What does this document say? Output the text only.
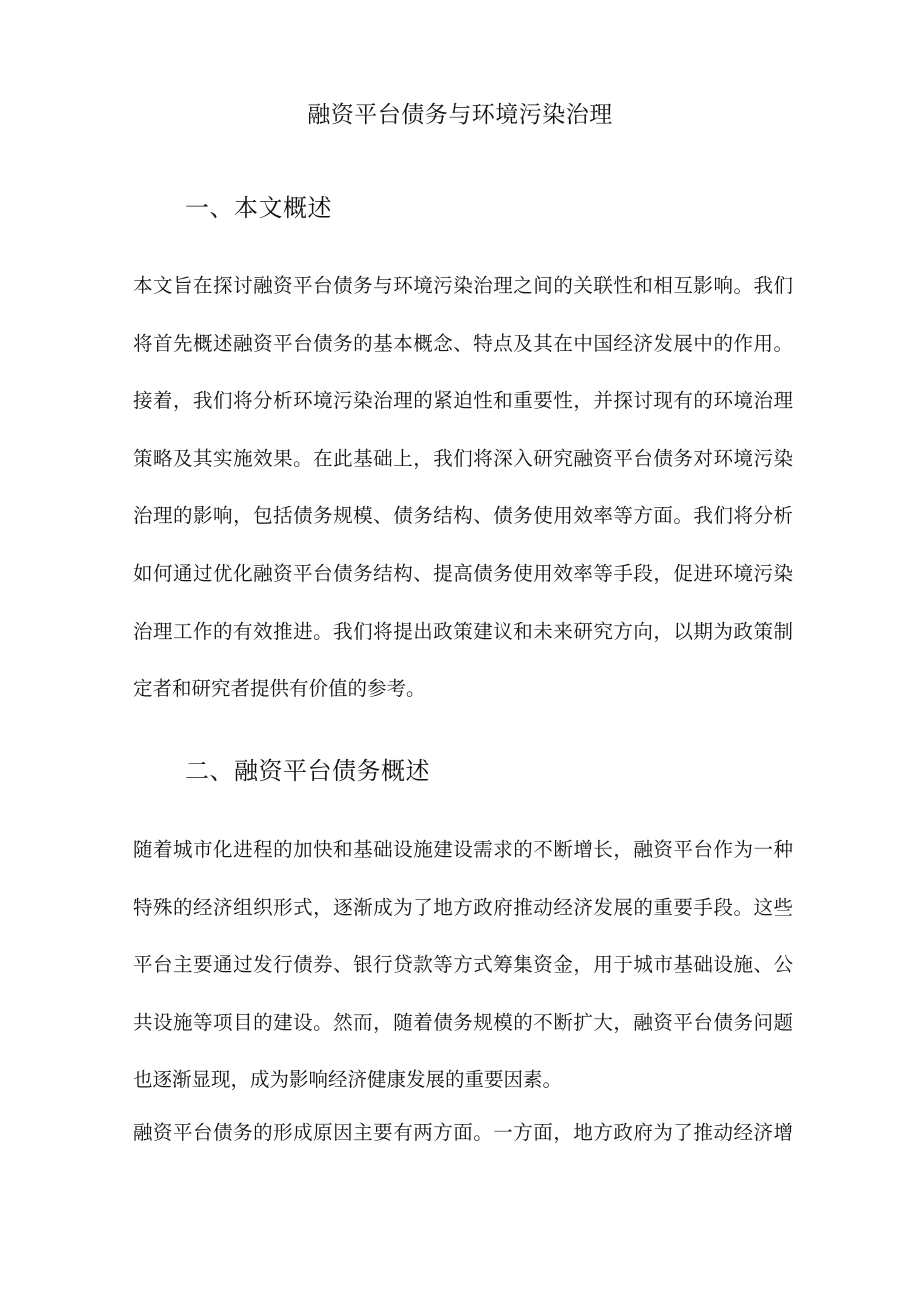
融资平台债务与环境污染治理
一、本文概述
本文旨在探讨融资平台债务与环境污染治理之间的关联性和相互影响。我们
将首先概述融资平台债务的基本概念、特点及其在中国经济发展中的作用。
接着，我们将分析环境污染治理的紧迫性和重要性，并探讨现有的环境治理
策略及其实施效果。在此基础上，我们将深入研究融资平台债务对环境污染
治理的影响，包括债务规模、债务结构、债务使用效率等方面。我们将分析
如何通过优化融资平台债务结构、提高债务使用效率等手段，促进环境污染
治理工作的有效推进。我们将提出政策建议和未来研究方向，以期为政策制
定者和研究者提供有价值的参考。
二、融资平台债务概述
随着城市化进程的加快和基础设施建设需求的不断增长，融资平台作为一种
特殊的经济组织形式，逐渐成为了地方政府推动经济发展的重要手段。这些
平台主要通过发行债券、银行贷款等方式筹集资金，用于城市基础设施、公
共设施等项目的建设。然而，随着债务规模的不断扩大，融资平台债务问题
也逐渐显现，成为影响经济健康发展的重要因素。
融资平台债务的形成原因主要有两方面。一方面，地方政府为了推动经济增
